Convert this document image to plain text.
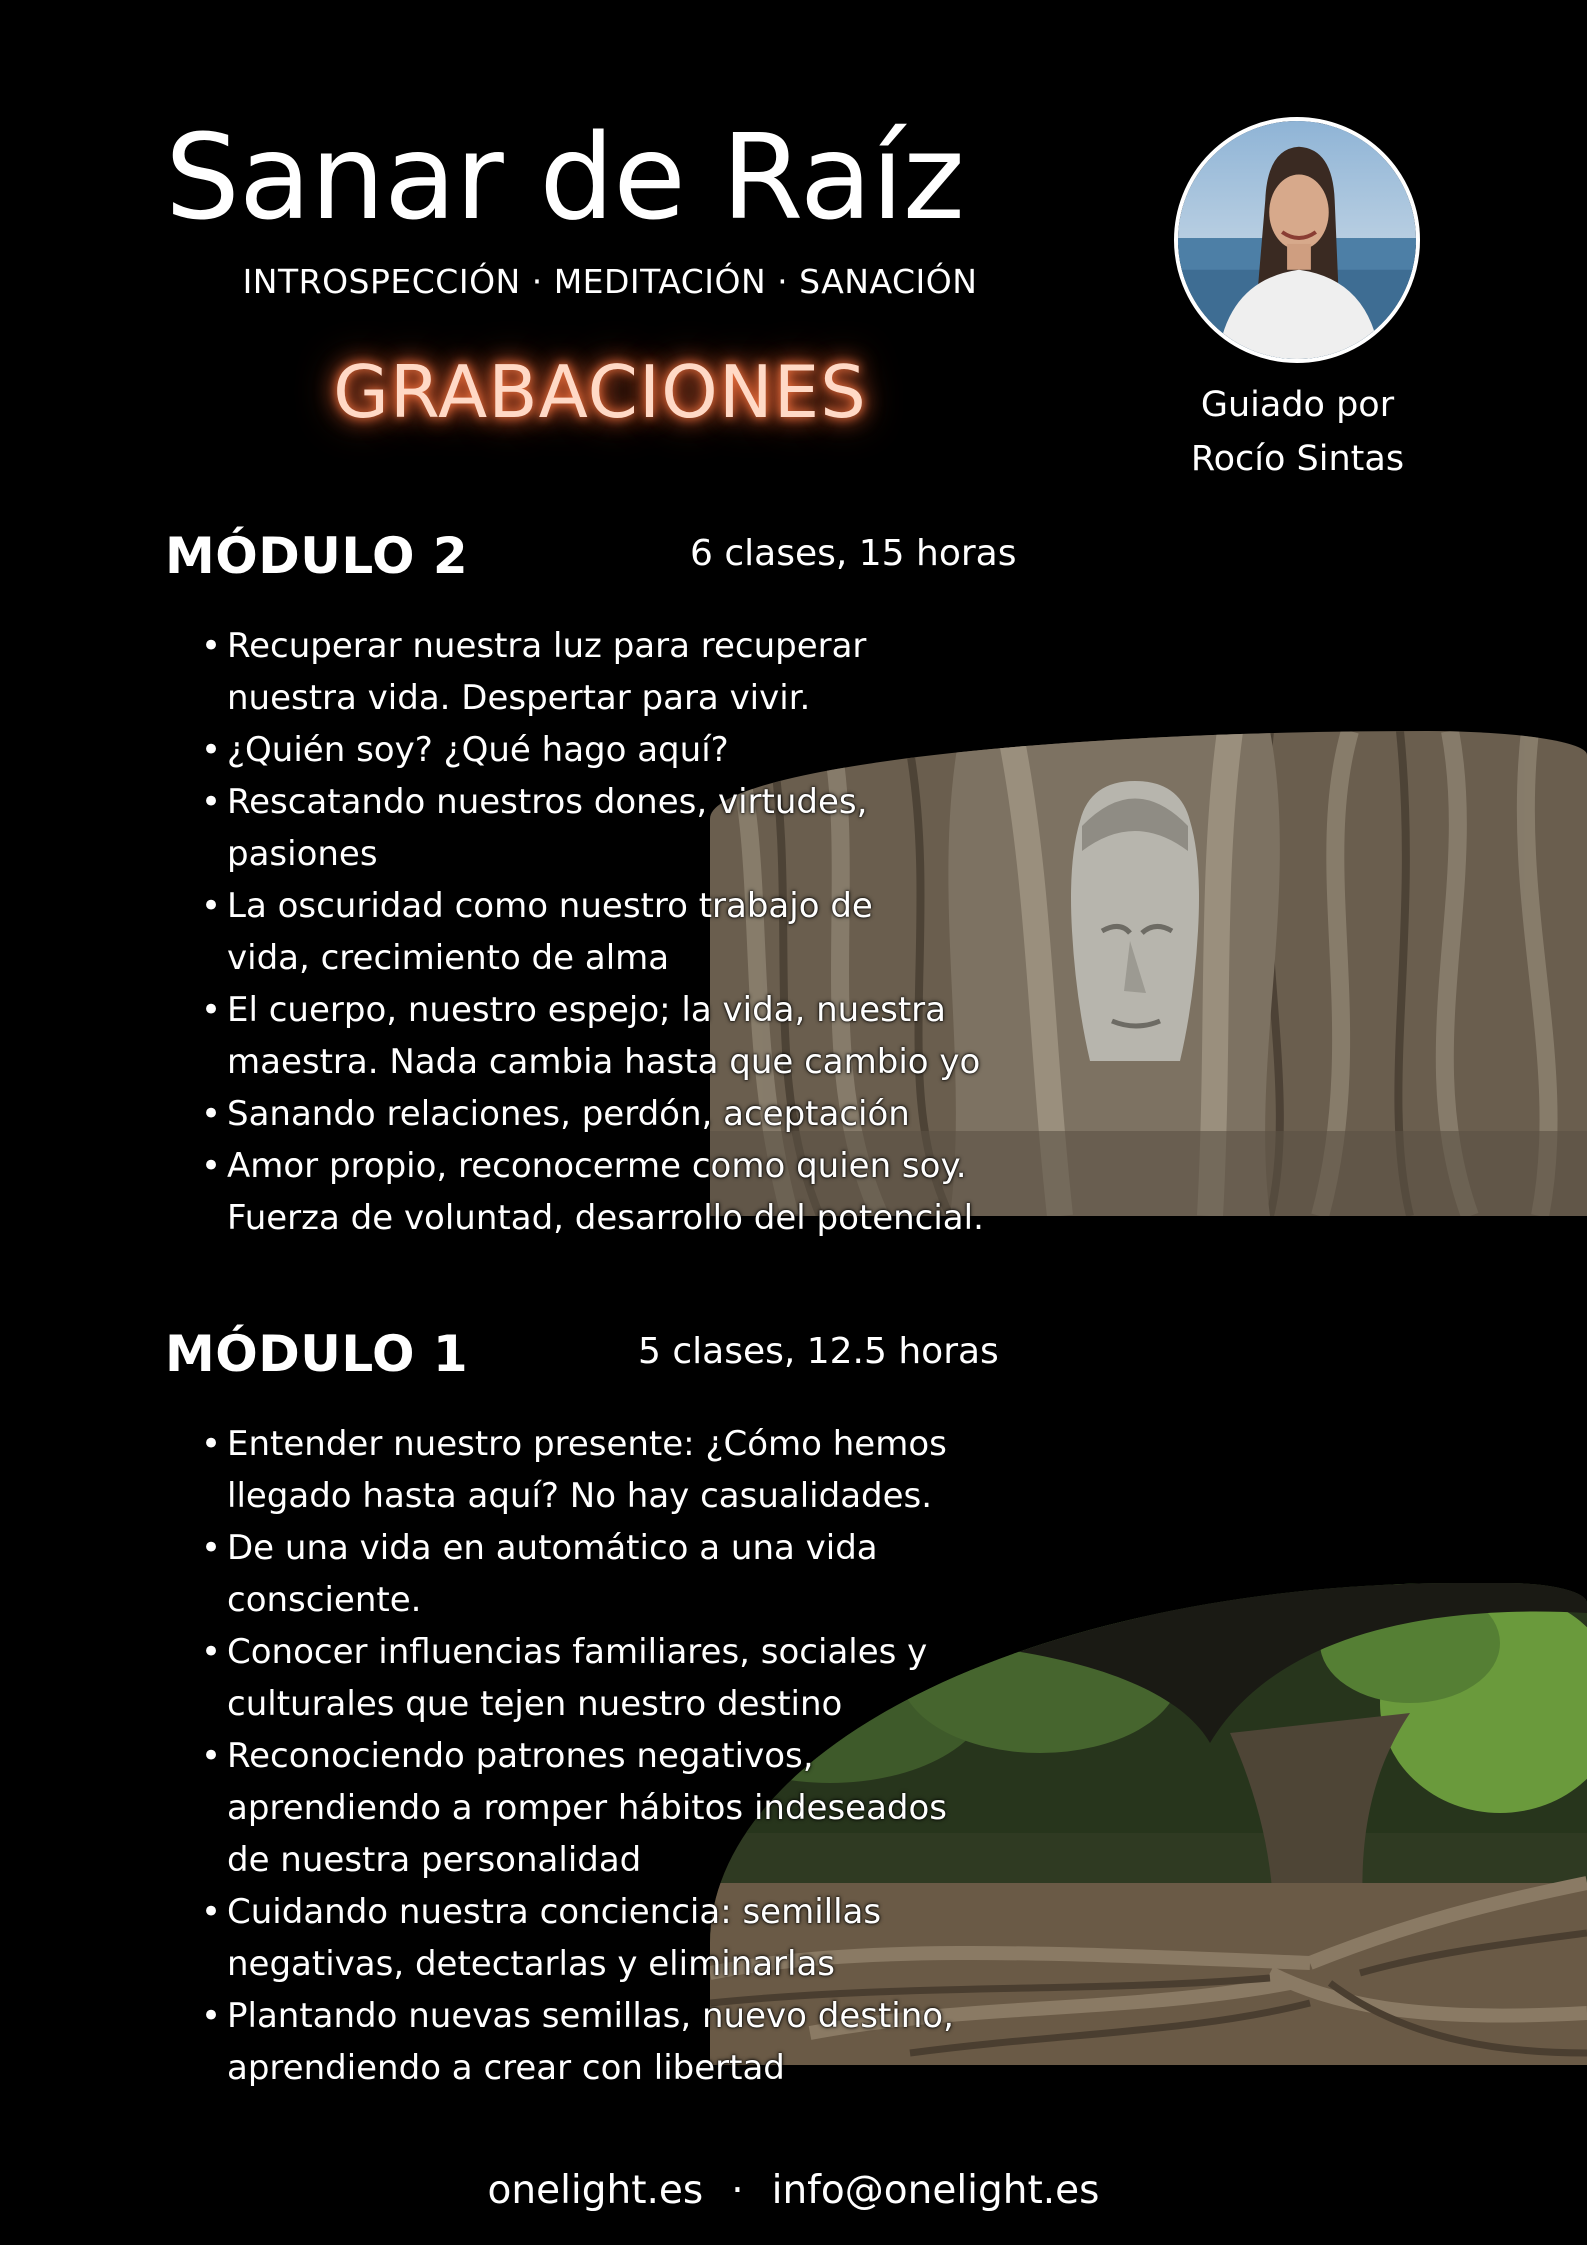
Sanar de Raíz
INTROSPECCIÓN · MEDITACIÓN · SANACIÓN
GRABACIONES	Guiado por
Rocío Sintas
MÓDULO 2	6 clases, 15 horas
• Recuperar nuestra luz para recuperar nuestra vida. Despertar para vivir.
• ¿Quién soy? ¿Qué hago aquí?
• Rescatando nuestros dones, virtudes, pasiones
• La oscuridad como nuestro trabajo de vida, crecimiento de alma
• El cuerpo, nuestro espejo; la vida, nuestra maestra. Nada cambia hasta que cambio yo
• Sanando relaciones, perdón, aceptación
• Amor propio, reconocerme como quien soy. Fuerza de voluntad, desarrollo del potencial.
MÓDULO 1	5 clases, 12.5 horas
• Entender nuestro presente: ¿Cómo hemos llegado hasta aquí? No hay casualidades.
• De una vida en automático a una vida consciente.
• Conocer influencias familiares, sociales y culturales que tejen nuestro destino
• Reconociendo patrones negativos, aprendiendo a romper hábitos indeseados de nuestra personalidad
• Cuidando nuestra conciencia: semillas negativas, detectarlas y eliminarlas
• Plantando nuevas semillas, nuevo destino, aprendiendo a crear con libertad
onelight.es · info@onelight.es
